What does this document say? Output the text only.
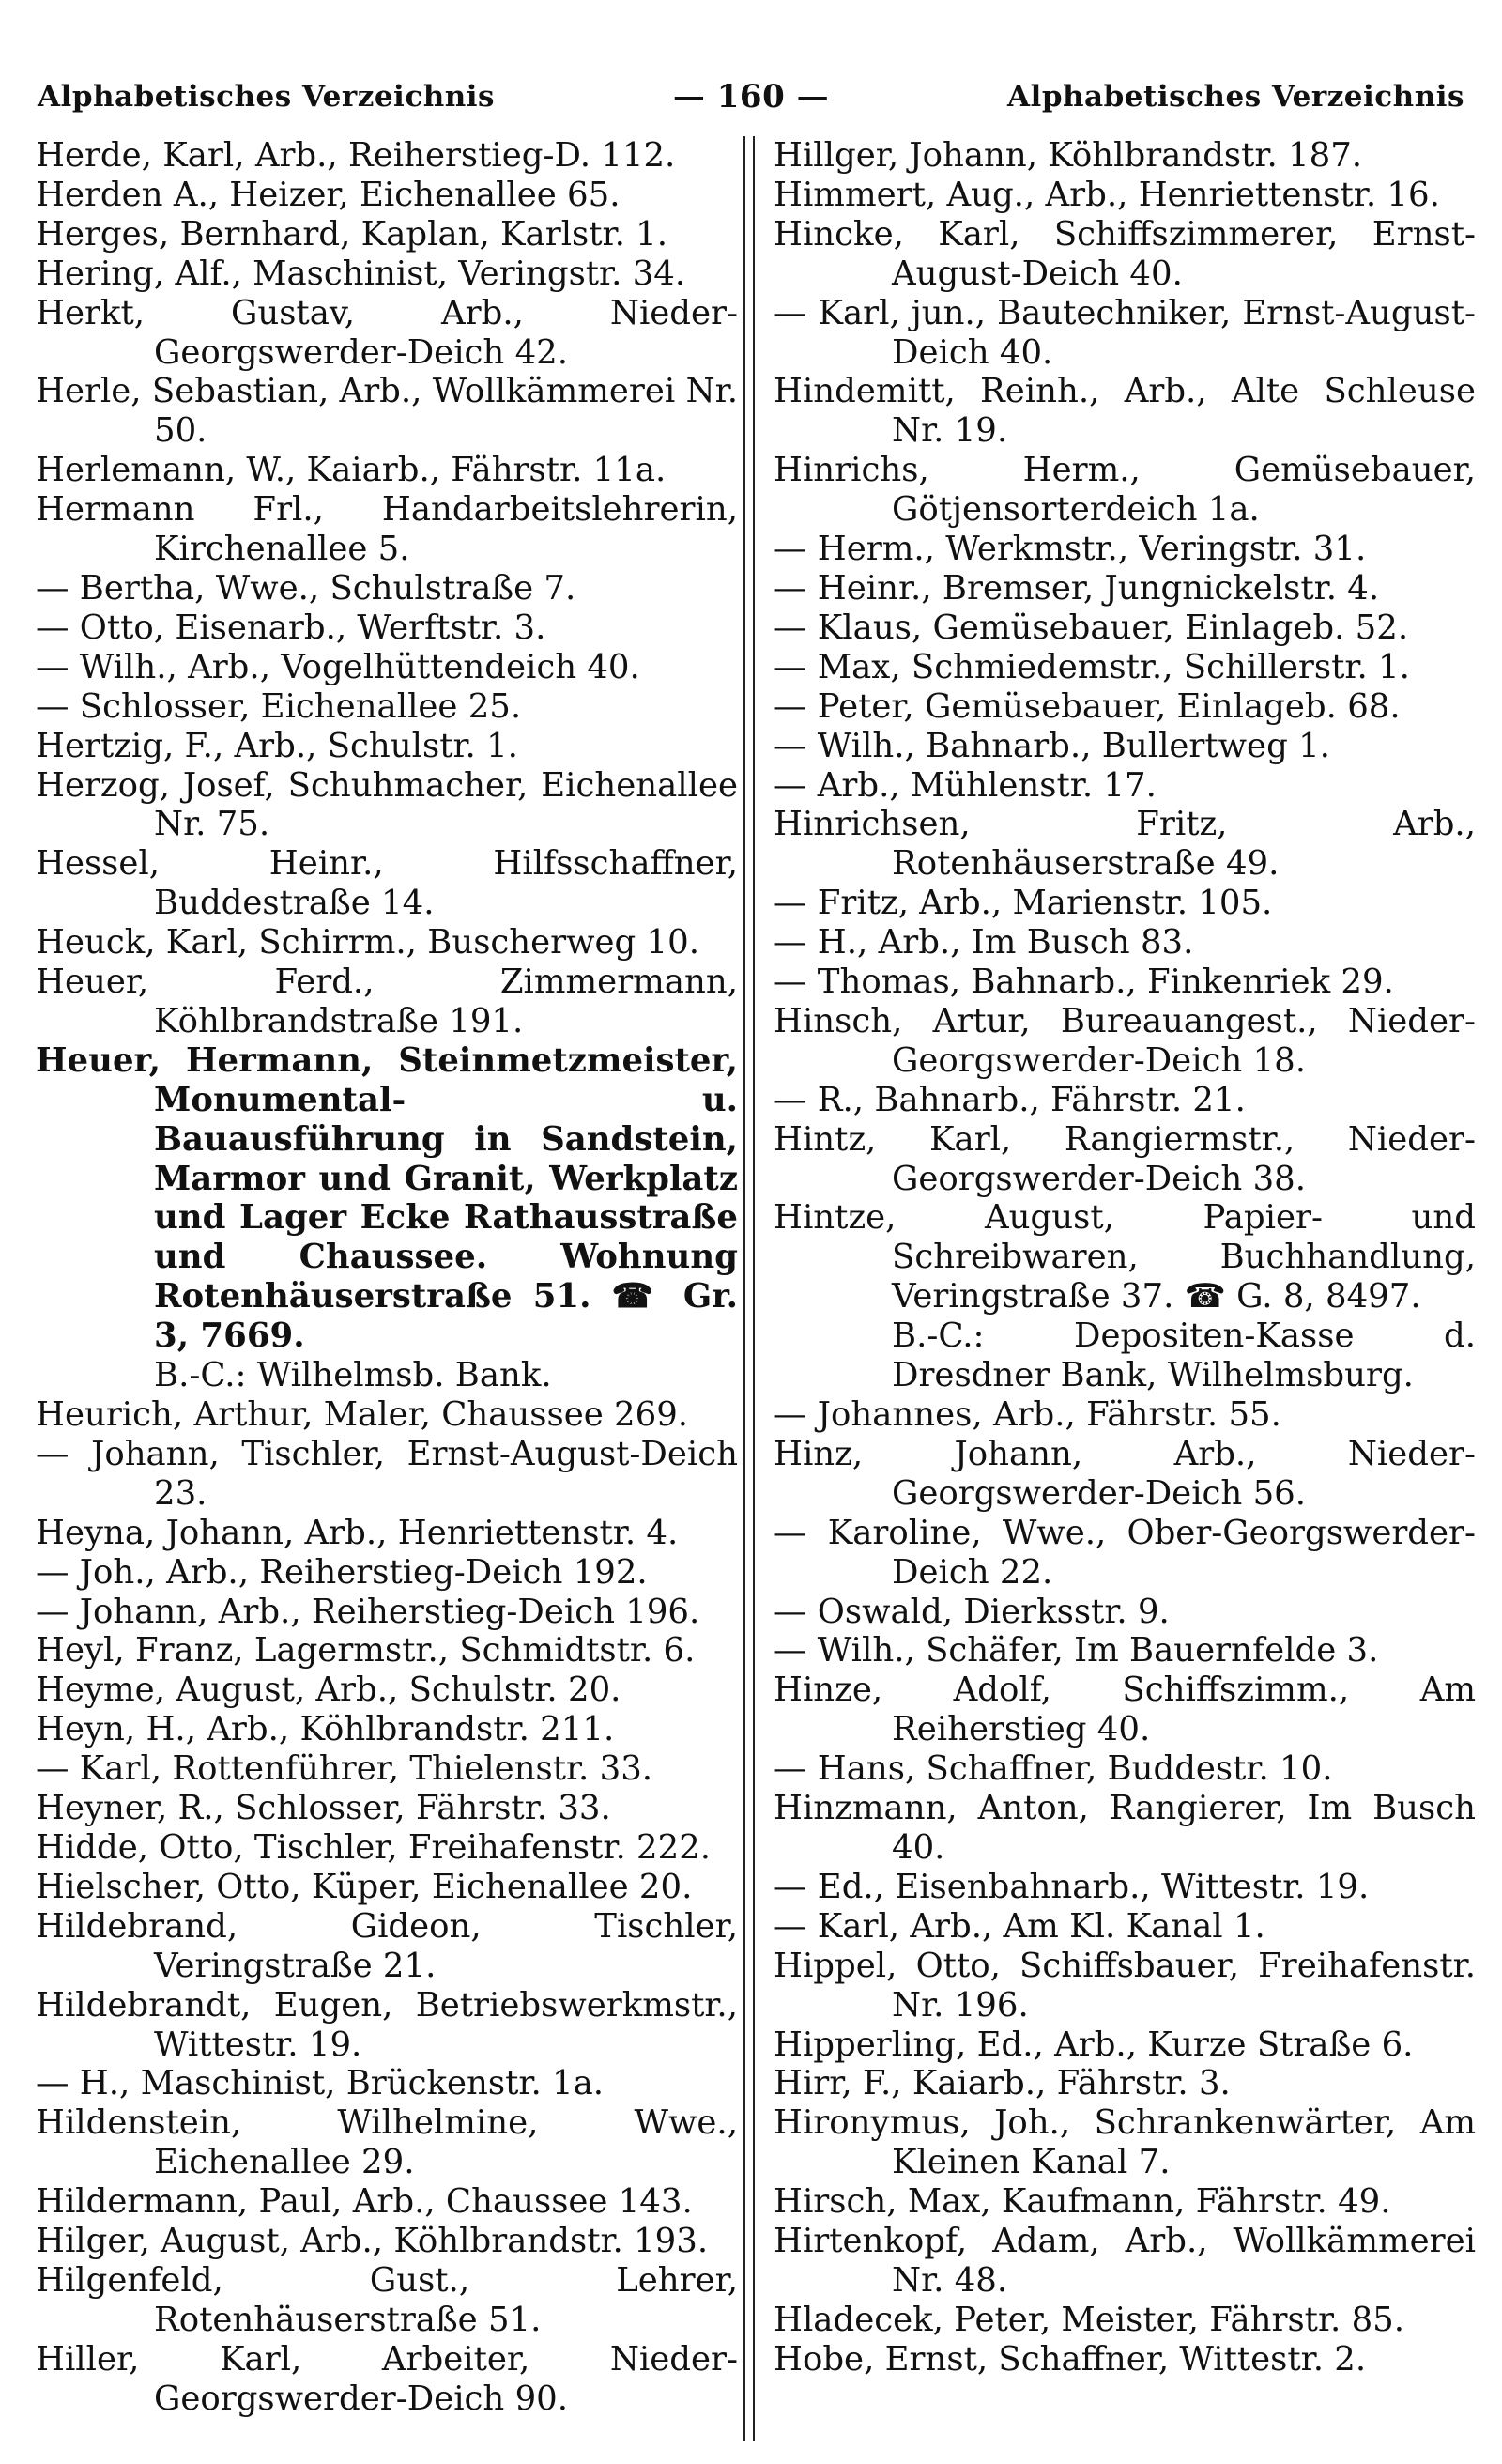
Alphabetisches Verzeichnis	— 160 —	Alphabetisches Verzeichnis
Herde, Karl, Arb., Reiherstieg-D. 112.
Herden A., Heizer, Eichenallee 65.
Herges, Bernhard, Kaplan, Karlstr. 1.
Hering, Alf., Maschinist, Veringstr. 34.
Herkt, Gustav, Arb., Nieder-Georgswerder-Deich 42.
Herle, Sebastian, Arb., Wollkämmerei Nr. 50.
Herlemann, W., Kaiarb., Fährstr. 11a.
Hermann Frl., Handarbeitslehrerin, Kirchenallee 5.
— Bertha, Wwe., Schulstraße 7.
— Otto, Eisenarb., Werftstr. 3.
— Wilh., Arb., Vogelhüttendeich 40.
— Schlosser, Eichenallee 25.
Hertzig, F., Arb., Schulstr. 1.
Herzog, Josef, Schuhmacher, Eichenallee Nr. 75.
Hessel, Heinr., Hilfsschaffner, Buddestraße 14.
Heuck, Karl, Schirrm., Buscherweg 10.
Heuer, Ferd., Zimmermann, Köhlbrandstraße 191.
Heuer, Hermann, Steinmetzmeister, Monumental- u. Bauausführung in Sandstein, Marmor und Granit, Werkplatz und Lager Ecke Rathausstraße und Chaussee. Wohnung Rotenhäuserstraße 51. ☎ Gr. 3, 7669.
B.-C.: Wilhelmsb. Bank.
Heurich, Arthur, Maler, Chaussee 269.
— Johann, Tischler, Ernst-August-Deich 23.
Heyna, Johann, Arb., Henriettenstr. 4.
— Joh., Arb., Reiherstieg-Deich 192.
— Johann, Arb., Reiherstieg-Deich 196.
Heyl, Franz, Lagermstr., Schmidtstr. 6.
Heyme, August, Arb., Schulstr. 20.
Heyn, H., Arb., Köhlbrandstr. 211.
— Karl, Rottenführer, Thielenstr. 33.
Heyner, R., Schlosser, Fährstr. 33.
Hidde, Otto, Tischler, Freihafenstr. 222.
Hielscher, Otto, Küper, Eichenallee 20.
Hildebrand, Gideon, Tischler, Veringstraße 21.
Hildebrandt, Eugen, Betriebswerkmstr., Wittestr. 19.
— H., Maschinist, Brückenstr. 1a.
Hildenstein, Wilhelmine, Wwe., Eichenallee 29.
Hildermann, Paul, Arb., Chaussee 143.
Hilger, August, Arb., Köhlbrandstr. 193.
Hilgenfeld, Gust., Lehrer, Rotenhäuserstraße 51.
Hiller, Karl, Arbeiter, Nieder-Georgswerder-Deich 90.
Hillger, Johann, Köhlbrandstr. 187.
Himmert, Aug., Arb., Henriettenstr. 16.
Hincke, Karl, Schiffszimmerer, Ernst-August-Deich 40.
— Karl, jun., Bautechniker, Ernst-August-Deich 40.
Hindemitt, Reinh., Arb., Alte Schleuse Nr. 19.
Hinrichs, Herm., Gemüsebauer, Götjensorterdeich 1a.
— Herm., Werkmstr., Veringstr. 31.
— Heinr., Bremser, Jungnickelstr. 4.
— Klaus, Gemüsebauer, Einlageb. 52.
— Max, Schmiedemstr., Schillerstr. 1.
— Peter, Gemüsebauer, Einlageb. 68.
— Wilh., Bahnarb., Bullertweg 1.
— Arb., Mühlenstr. 17.
Hinrichsen, Fritz, Arb., Rotenhäuserstraße 49.
— Fritz, Arb., Marienstr. 105.
— H., Arb., Im Busch 83.
— Thomas, Bahnarb., Finkenriek 29.
Hinsch, Artur, Bureauangest., Nieder-Georgswerder-Deich 18.
— R., Bahnarb., Fährstr. 21.
Hintz, Karl, Rangiermstr., Nieder-Georgswerder-Deich 38.
Hintze, August, Papier- und Schreibwaren, Buchhandlung, Veringstraße 37. ☎ G. 8, 8497.
B.-C.: Depositen-Kasse d. Dresdner Bank, Wilhelmsburg.
— Johannes, Arb., Fährstr. 55.
Hinz, Johann, Arb., Nieder-Georgswerder-Deich 56.
— Karoline, Wwe., Ober-Georgswerder-Deich 22.
— Oswald, Dierksstr. 9.
— Wilh., Schäfer, Im Bauernfelde 3.
Hinze, Adolf, Schiffszimm., Am Reiherstieg 40.
— Hans, Schaffner, Buddestr. 10.
Hinzmann, Anton, Rangierer, Im Busch 40.
— Ed., Eisenbahnarb., Wittestr. 19.
— Karl, Arb., Am Kl. Kanal 1.
Hippel, Otto, Schiffsbauer, Freihafenstr. Nr. 196.
Hipperling, Ed., Arb., Kurze Straße 6.
Hirr, F., Kaiarb., Fährstr. 3.
Hironymus, Joh., Schrankenwärter, Am Kleinen Kanal 7.
Hirsch, Max, Kaufmann, Fährstr. 49.
Hirtenkopf, Adam, Arb., Wollkämmerei Nr. 48.
Hladecek, Peter, Meister, Fährstr. 85.
Hobe, Ernst, Schaffner, Wittestr. 2.
